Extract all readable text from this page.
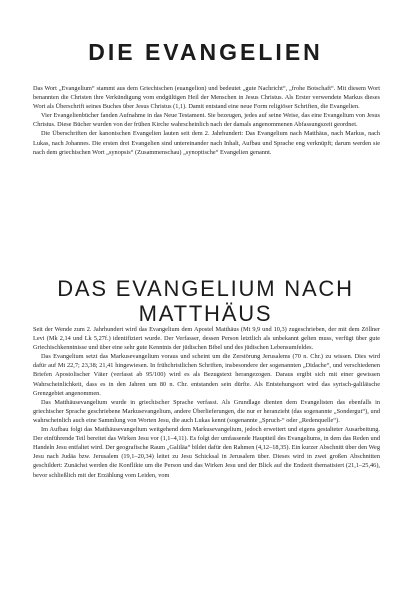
DIE EVANGELIEN

Das Wort „Evangelium“ stammt aus dem Griechischen (euangelion) und bedeutet „gute Nachricht“, „frohe Botschaft“. Mit diesem Wort benannten die Christen ihre Verkündigung vom endgültigen Heil der Menschen in Jesus Christus. Als Erster verwendete Markus dieses Wort als Überschrift seines Buches über Jesus Christus (1,1). Damit entstand eine neue Form religiöser Schriften, die Evangelien.

Vier Evangelienbücher fanden Aufnahme in das Neue Testament. Sie bezeugen, jedes auf seine Weise, das eine Evangelium von Jesus Christus. Diese Bücher wurden von der frühen Kirche wahrscheinlich nach der damals angenommenen Abfassungszeit geordnet.

Die Überschriften der kanonischen Evangelien lauten seit dem 2. Jahrhundert: Das Evangelium nach Matthäus, nach Markus, nach Lukas, nach Johannes. Die ersten drei Evangelien sind untereinander nach Inhalt, Aufbau und Sprache eng verknüpft; darum werden sie nach dem griechischen Wort „synopsis“ (Zusammenschau) „synoptische“ Evangelien genannt.

DAS EVANGELIUM NACH
MATTHÄUS

Seit der Wende zum 2. Jahrhundert wird das Evangelium dem Apostel Matthäus (Mt 9,9 und 10,3) zugeschrieben, der mit dem Zöllner Levi (Mk 2,14 und Lk 5,27f.) identifiziert wurde. Der Verfasser, dessen Person letztlich als unbekannt gelten muss, verfügt über gute Griechischkenntnisse und über eine sehr gute Kenntnis der jüdischen Bibel und des jüdischen Lebensumfeldes.

Das Evangelium setzt das Markusevangelium voraus und scheint um die Zerstörung Jerusalems (70 n. Chr.) zu wissen. Dies wird dafür auf Mt 22,7; 23,38; 21,41 hingewiesen. In frühchristlichen Schriften, insbesondere der sogenannten „Didache“, und verschiedenen Briefen Apostolischer Väter (verfasst ab 95/100) wird es als Bezugstext herangezogen. Daraus ergibt sich mit einer gewissen Wahrscheinlichkeit, dass es in den Jahren um 80 n. Chr. entstanden sein dürfte. Als Entstehungsort wird das syrisch-galiläische Grenzgebiet angenommen.

Das Matthäusevangelium wurde in griechischer Sprache verfasst. Als Grundlage dienten dem Evangelisten das ebenfalls in griechischer Sprache geschriebene Markusevangelium, andere Überlieferungen, die nur er heranzieht (das sogenannte „Sondergut“), und wahrscheinlich auch eine Sammlung von Worten Jesu, die auch Lukas kennt (sogenannte „Spruch-“ oder „Redenquelle“).

Im Aufbau folgt das Matthäusevangelium weitgehend dem Markusevangelium, jedoch erweitert und eigens gestalteter Ausarbeitung. Der einführende Teil bereitet das Wirken Jesu vor (1,1–4,11). Es folgt der umfassende Hauptteil des Evangeliums, in dem das Reden und Handeln Jesu entfaltet wird. Der geografische Raum „Galiläa“ bildet dafür den Rahmen (4,12–18,35). Ein kurzer Abschnitt über den Weg Jesu nach Judäa bzw. Jerusalem (19,1–20,34) leitet zu Jesu Schicksal in Jerusalem über. Dieses wird in zwei großen Abschnitten geschildert: Zunächst werden die Konflikte um die Person und das Wirken Jesu und der Blick auf die Endzeit thematisiert (21,1–25,46), bevor schließlich mit der Erzählung vom Leiden, vom
